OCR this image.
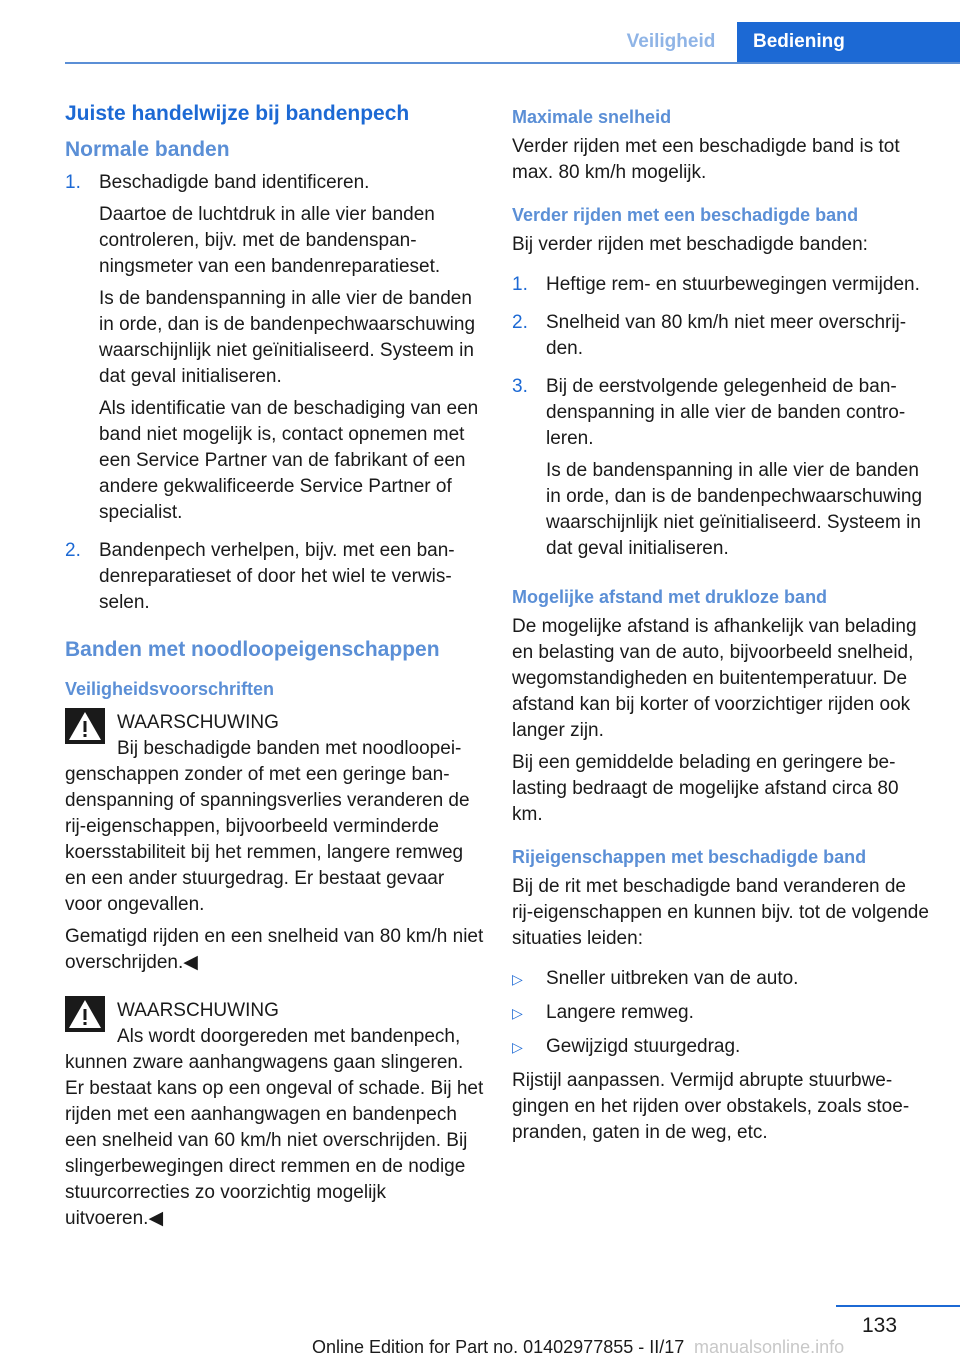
Veiligheid	Bediening
Juiste handelwijze bij bandenpech
Normale banden
1. Beschadigde band identificeren.

Daartoe de luchtdruk in alle vier banden controleren, bijv. met de bandenspanningsmeter van een bandenreparatieset.

Is de bandenspanning in alle vier de banden in orde, dan is de bandenpechwaarschuwing waarschijnlijk niet geïnitialiseerd. Systeem in dat geval initialiseren.

Als identificatie van de beschadiging van een band niet mogelijk is, contact opnemen met een Service Partner van de fabrikant of een andere gekwalificeerde Service Partner of specialist.

2. Bandenpech verhelpen, bijv. met een bandenreparatieset of door het wiel te verwisselen.

Banden met noodloopeigenschappen
Veiligheidsvoorschriften
WAARSCHUWING

Bij beschadigde banden met noodloopeigenschappen zonder of met een geringe bandenspanning of spanningsverlies veranderen de rij-eigenschappen, bijvoorbeeld verminderde koersstabiliteit bij het remmen, langere remweg en een ander stuurgedrag. Er bestaat gevaar voor ongevallen.

Gematigd rijden en een snelheid van 80 km/h niet overschrijden.◀

WAARSCHUWING

Als wordt doorgereden met bandenpech, kunnen zware aanhangwagens gaan slingeren. Er bestaat kans op een ongeval of schade. Bij het rijden met een aanhangwagen en bandenpech een snelheid van 60 km/h niet overschrijden. Bij slingerbewegingen direct remmen en de nodige stuurcorrecties zo voorzichtig mogelijk uitvoeren.◀

Maximale snelheid

Verder rijden met een beschadigde band is tot max. 80 km/h mogelijk.

Verder rijden met een beschadigde band

Bij verder rijden met beschadigde banden:

1. Heftige rem- en stuurbewegingen vermijden.

2. Snelheid van 80 km/h niet meer overschrijden.

3. Bij de eerstvolgende gelegenheid de bandenspanning in alle vier de banden controleren.

Is de bandenspanning in alle vier de banden in orde, dan is de bandenpechwaarschuwing waarschijnlijk niet geïnitialiseerd. Systeem in dat geval initialiseren.

Mogelijke afstand met drukloze band

De mogelijke afstand is afhankelijk van belading en belasting van de auto, bijvoorbeeld snelheid, wegomstandigheden en buitentemperatuur. De afstand kan bij korter of voorzichtiger rijden ook langer zijn.

Bij een gemiddelde belading en geringere belasting bedraagt de mogelijke afstand circa 80 km.

Rijeigenschappen met beschadigde band

Bij de rit met beschadigde band veranderen de rij-eigenschappen en kunnen bijv. tot de volgende situaties leiden:

▷	Sneller uitbreken van de auto.
▷	Langere remweg.
▷	Gewijzigd stuurgedrag.

Rijstijl aanpassen. Vermijd abrupte stuurbwegingen en het rijden over obstakels, zoals stoepranden, gaten in de weg, etc.

133
Online Edition for Part no. 01402977855 - II/17 manualsonline.info
